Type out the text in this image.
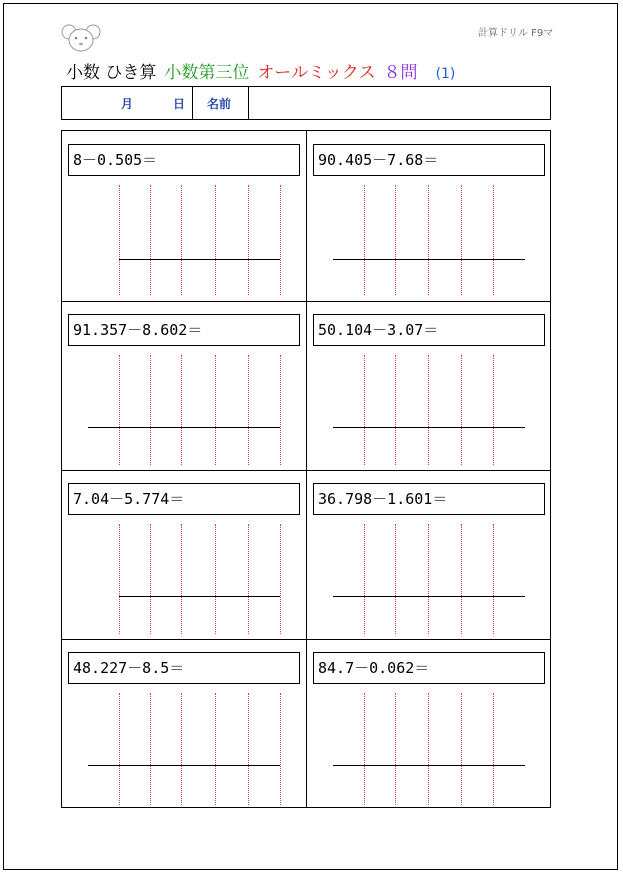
計算ドリル F9マ
小数 ひき算 小数第三位 オールミックス ８問 (1)
月	日 名前
8－0.505＝	90.405－7.68＝
91.357－8.602＝	50.104－3.07＝
7.04－5.774＝	36.798－1.601＝
48.227－8.5＝	84.7－0.062＝
